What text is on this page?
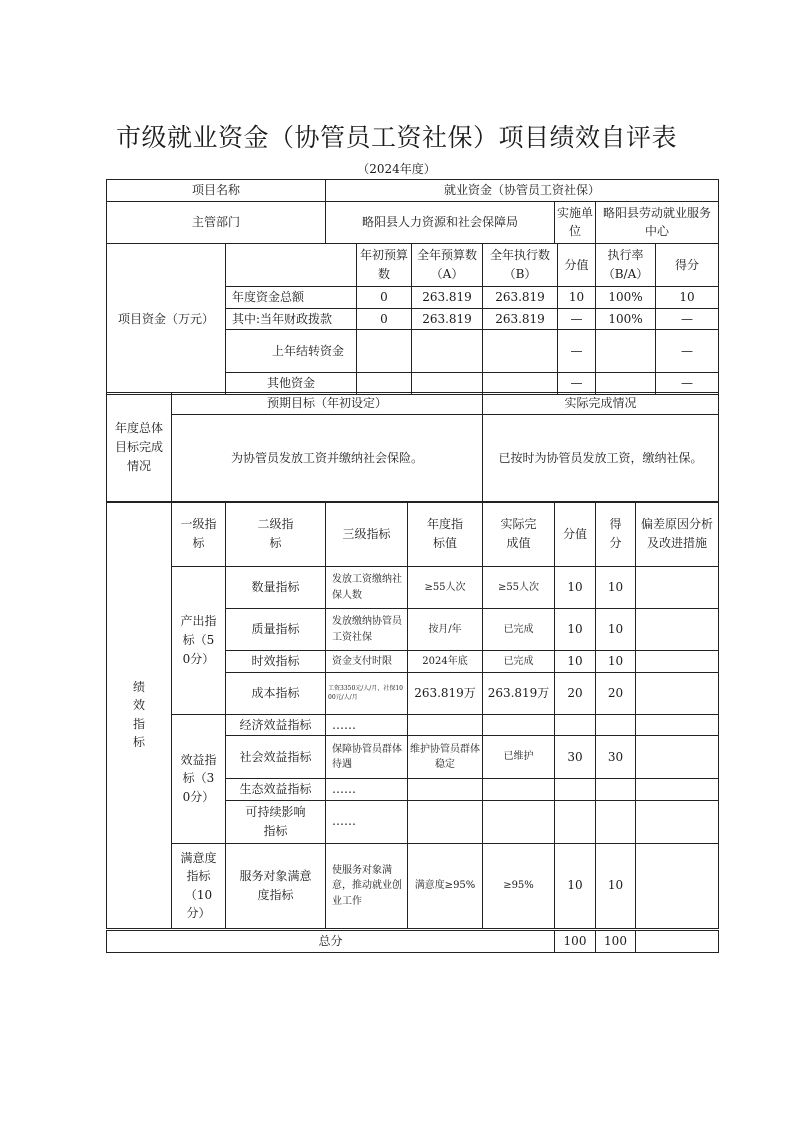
市级就业资金（协管员工资社保）项目绩效自评表
（2024年度）
项目名称	就业资金（协管员工资社保）		
主管部门	略阳县人力资源和社会保障局	实施单位	略阳县劳动就业服务中心
项目资金（万元）		年初预算数	全年预算数（A）	全年执行数（B）	分值	执行率（B/A）	得分
	年度资金总额	0	263.819	263.819	10	100%	10
	其中:当年财政拨款	0	263.819	263.819	—	100%	—
	上年结转资金				—		—
	其他资金				—		—
年度总体目标完成情况	预期目标（年初设定）	实际完成情况
	为协管员发放工资并缴纳社会保险。	已按时为协管员发放工资，缴纳社保。
绩效指标	一级指标	二级指标	三级指标	年度指标值	实际完成值	分值	得分	偏差原因分析及改进措施
	产出指标（50分）	数量指标	发放工资缴纳社保人数	≥55人次	≥55人次	10	10	
		质量指标	发放缴纳协管员工资社保	按月/年	已完成	10	10	
		时效指标	资金支付时限	2024年底	已完成	10	10	
		成本指标	工资3350元/人/月，社保1000元/人/月	263.819万	263.819万	20	20	
	效益指标（30分）	经济效益指标	……					
		社会效益指标	保障协管员群体待遇	维护协管员群体稳定	已维护	30	30	
		生态效益指标	……					
		可持续影响指标	……					
	满意度指标（10分）	服务对象满意度指标	使服务对象满意，推动就业创业工作	满意度≥95%	≥95%	10	10	
总分	100	100	
